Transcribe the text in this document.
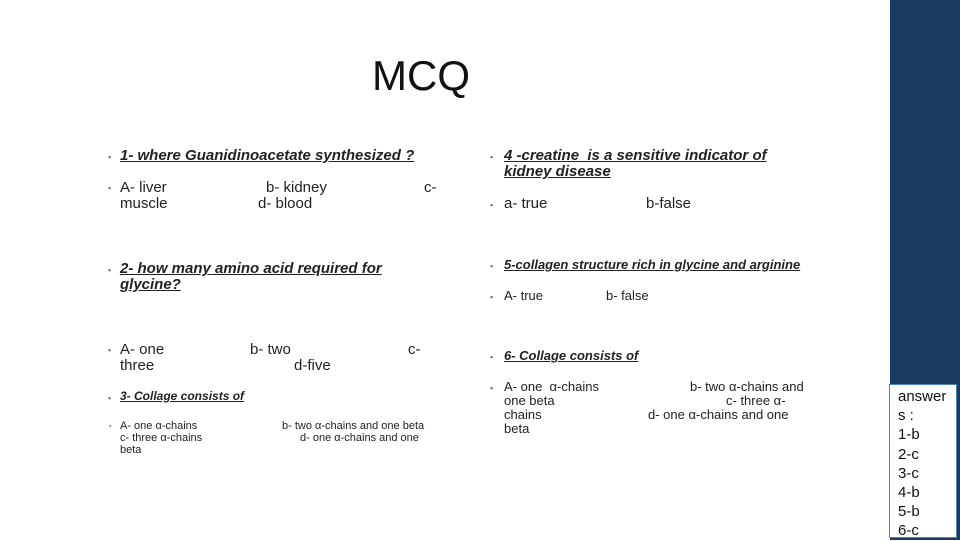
MCQ
▪ 1- where Guanidinoacetate synthesized ?
▪ A- liver	b- kidney	c-
muscle	d- blood
▪ 2- how many amino acid required for
glycine?
▪ A- one	b- two	c-
three	d-five
▪ 3- Collage consists of
▪ A- one α-chains	b- two α-chains and one beta
c- three α-chains	d- one α-chains and one
beta
▪ 4 -creatine  is a sensitive indicator of
kidney disease
▪ a- true	b-false
▪ 5-collagen structure rich in glycine and arginine
▪ A- true	b- false
▪ 6- Collage consists of
▪ A- one  α-chains	b- two α-chains and
one beta	c- three α-
chains	d- one α-chains and one
beta
answer
s :
1-b
2-c
3-c
4-b
5-b
6-c
